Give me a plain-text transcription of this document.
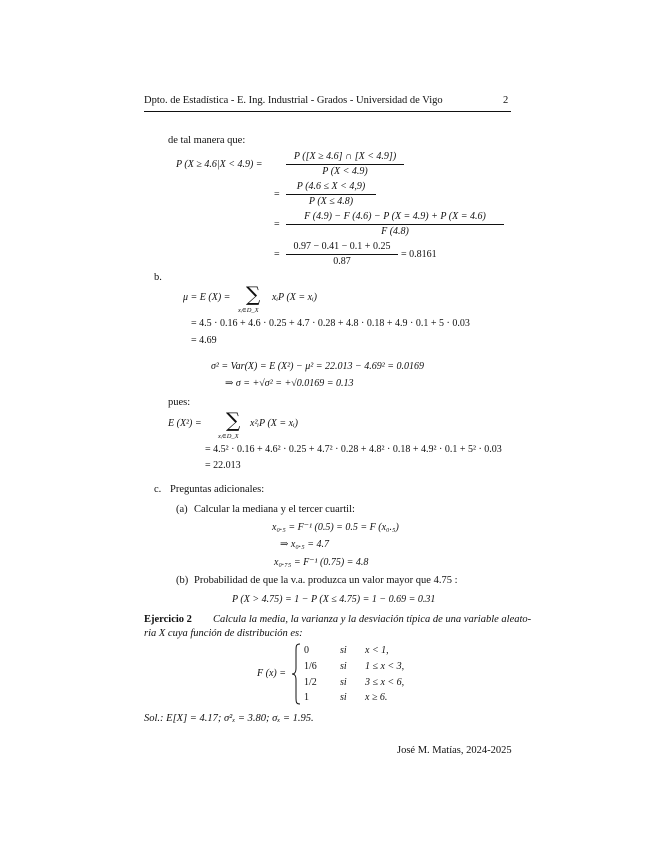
Dpto. de Estadística - E. Ing. Industrial - Grados - Universidad de Vigo	2
de tal manera que:
P (X ≥ 4.6|X < 4.9) =
P ([X ≥ 4.6] ∩ [X < 4.9])
P (X < 4.9)
=
P (4.6 ≤ X < 4,9)
P (X ≤ 4.8)
=
F (4.9) − F (4.6) − P (X = 4.9) + P (X = 4.6)
F (4.8)
=
0.97 − 0.41 − 0.1 + 0.25
0.87
= 0.8161
b.
μ = E (X) = ∑
xᵢ∈D_X
xᵢP (X = xᵢ)
= 4.5 · 0.16 + 4.6 · 0.25 + 4.7 · 0.28 + 4.8 · 0.18 + 4.9 · 0.1 + 5 · 0.03
= 4.69
σ² = Var(X) = E (X²) − μ² = 22.013 − 4.69² = 0.0169
⇒ σ = +√σ² = +√0.0169 = 0.13
pues:
E (X²) = ∑
xᵢ∈D_X
x²ᵢP (X = xᵢ)
= 4.5² · 0.16 + 4.6² · 0.25 + 4.7² · 0.28 + 4.8² · 0.18 + 4.9² · 0.1 + 5² · 0.03
= 22.013
c. Preguntas adicionales:
(a) Calcular la mediana y el tercer cuartil:
x₀.₅ = F⁻¹ (0.5) = 0.5 = F (x₀.₅)
⇒ x₀.₅ = 4.7
x₀.₇₅ = F⁻¹ (0.75) = 4.8
(b) Probabilidad de que la v.a. produzca un valor mayor que 4.75 :
P (X > 4.75) = 1 − P (X ≤ 4.75) = 1 − 0.69 = 0.31
Ejercicio 2 Calcula la media, la varianza y la desviación típica de una variable aleato-
ria X cuya función de distribución es:
F (x) =
0	si x < 1,
1/6 si 1 ≤ x < 3,
1/2 si 3 ≤ x < 6,
1	si x ≥ 6.
Sol.: E[X] = 4.17; σ²ₓ = 3.80; σₓ = 1.95.
José M. Matías, 2024-2025
